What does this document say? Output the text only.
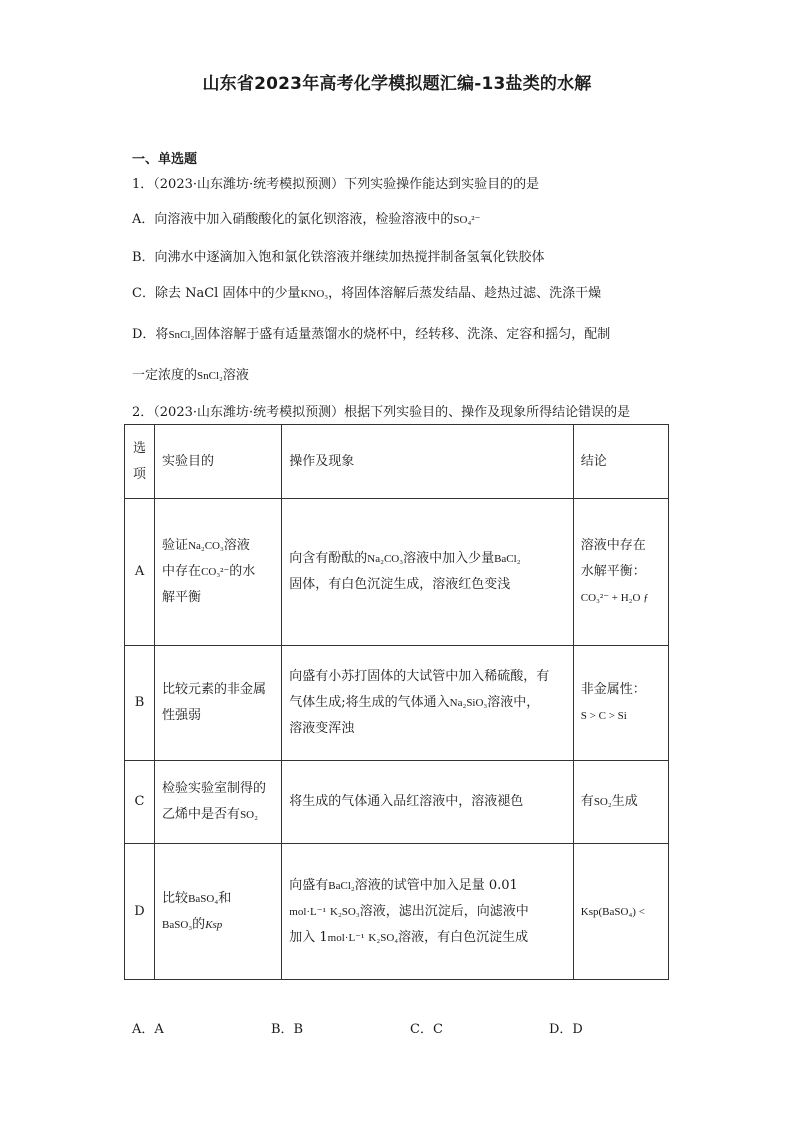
山东省2023年高考化学模拟题汇编-13盐类的水解
一、单选题
1．（2023·山东潍坊·统考模拟预测）下列实验操作能达到实验目的的是
A．向溶液中加入硝酸酸化的氯化钡溶液，检验溶液中的SO₄²⁻
B．向沸水中逐滴加入饱和氯化铁溶液并继续加热搅拌制备氢氧化铁胶体
C．除去 NaCl 固体中的少量KNO₃，将固体溶解后蒸发结晶、趁热过滤、洗涤干燥
D．将SnCl₂固体溶解于盛有适量蒸馏水的烧杯中，经转移、洗涤、定容和摇匀，配制
一定浓度的SnCl₂溶液
2．（2023·山东潍坊·统考模拟预测）根据下列实验目的、操作及现象所得结论错误的是
选项	实验目的	操作及现象	结论
A	验证Na₂CO₃溶液
中存在CO₃²⁻的水
解平衡	向含有酚酞的Na₂CO₃溶液中加入少量BaCl₂
固体，有白色沉淀生成，溶液红色变浅	溶液中存在
水解平衡：
CO₃²⁻ + H₂O ƒ
B	比较元素的非金属
性强弱	向盛有小苏打固体的大试管中加入稀硫酸，有
气体生成;将生成的气体通入Na₂SiO₃溶液中，
溶液变浑浊	非金属性：
S > C > Si
C	检验实验室制得的
乙烯中是否有SO₂	将生成的气体通入品红溶液中，溶液褪色	有SO₂生成
D	比较BaSO₄和
BaSO₃的Ksp	向盛有BaCl₂溶液的试管中加入足量 0.01
mol·L⁻¹ K₂SO₃溶液，滤出沉淀后，向滤液中
加入 1mol·L⁻¹ K₂SO₄溶液，有白色沉淀生成	Ksp(BaSO₄) <
A．A	B．B	C．C	D．D
